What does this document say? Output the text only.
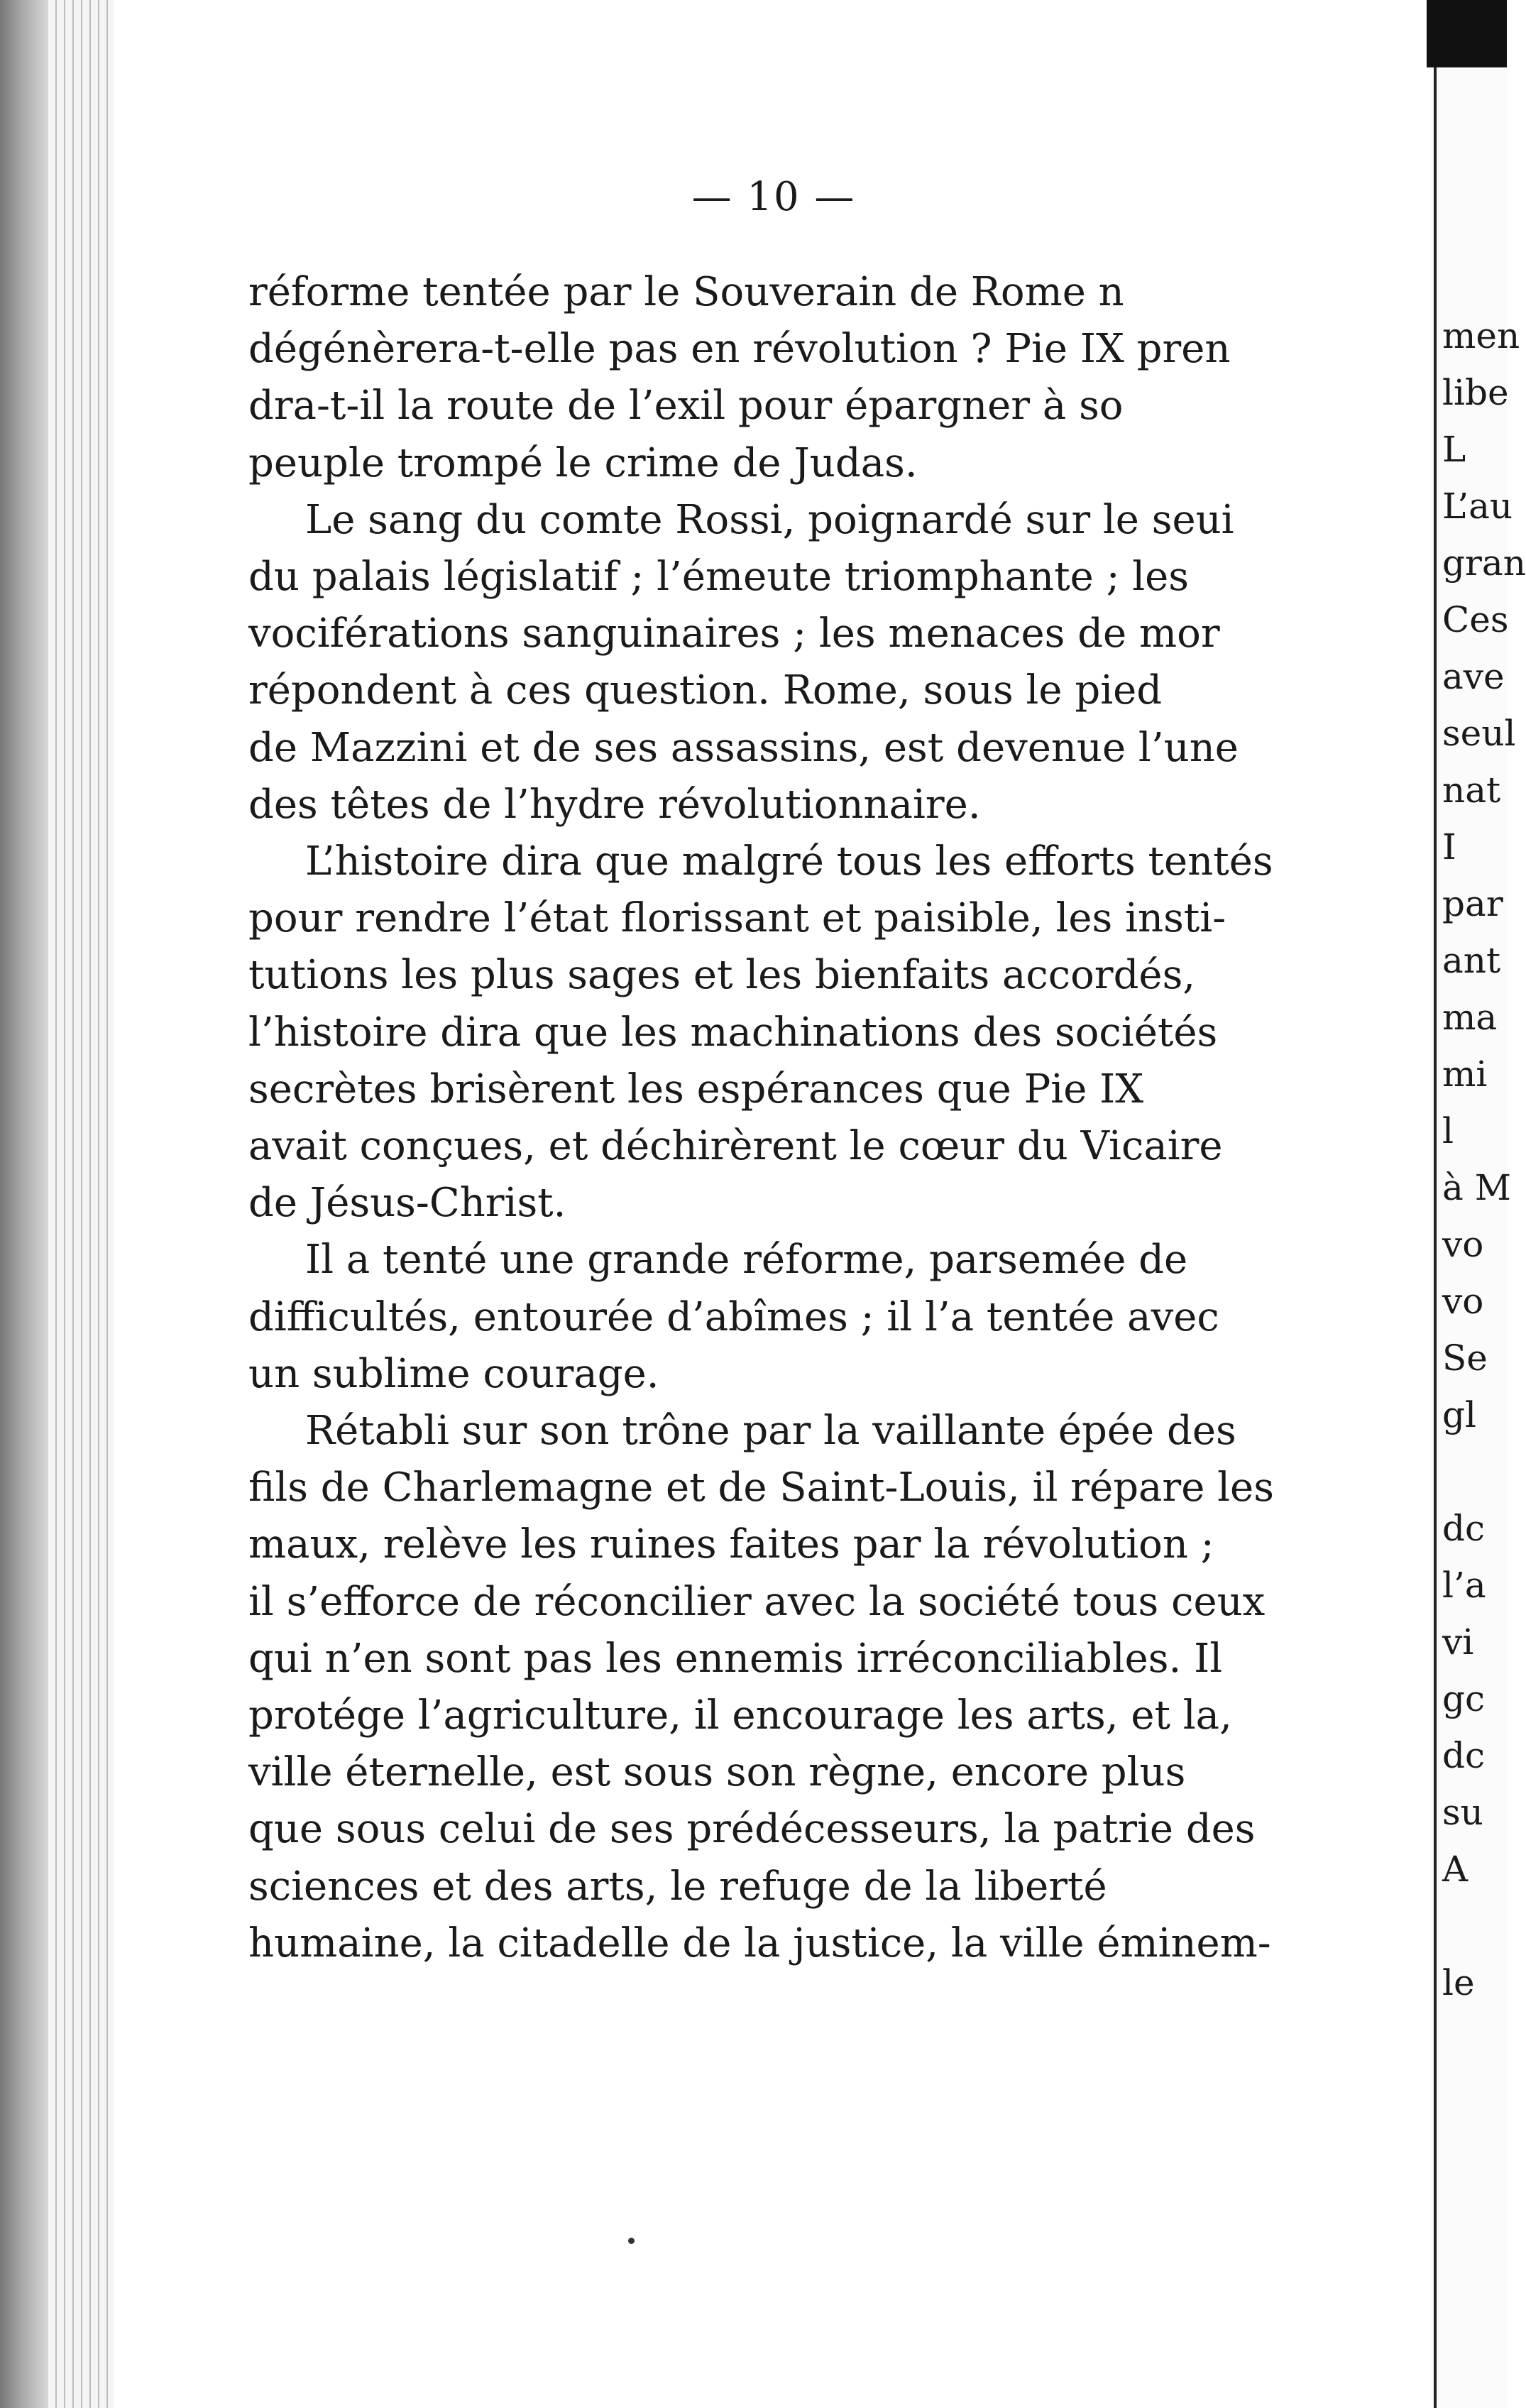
— 10 —
réforme tentée par le Souverain de Rome n
dégénèrera-t-elle pas en révolution ? Pie IX pren
dra-t-il la route de l’exil pour épargner à so
peuple trompé le crime de Judas.
Le sang du comte Rossi, poignardé sur le seui
du palais législatif ; l’émeute triomphante ; les
vociférations sanguinaires ; les menaces de mor
répondent à ces question. Rome, sous le pied
de Mazzini et de ses assassins, est devenue l’une
des têtes de l’hydre révolutionnaire.
L’histoire dira que malgré tous les efforts tentés
pour rendre l’état florissant et paisible, les insti-
tutions les plus sages et les bienfaits accordés,
l’histoire dira que les machinations des sociétés
secrètes brisèrent les espérances que Pie IX
avait conçues, et déchirèrent le cœur du Vicaire
de Jésus-Christ.
Il a tenté une grande réforme, parsemée de
difficultés, entourée d’abîmes ; il l’a tentée avec
un sublime courage.
Rétabli sur son trône par la vaillante épée des
fils de Charlemagne et de Saint-Louis, il répare les
maux, relève les ruines faites par la révolution ;
il s’efforce de réconcilier avec la société tous ceux
qui n’en sont pas les ennemis irréconciliables. Il
protége l’agriculture, il encourage les arts, et la,
ville éternelle, est sous son règne, encore plus
que sous celui de ses prédécesseurs, la patrie des
sciences et des arts, le refuge de la liberté
humaine, la citadelle de la justice, la ville éminem-
men
libe
L
L’au
gran
Ces
ave
seul
nat
I
par
ant
ma
mi
l
à M
vo
vo
Se
gl
dc
l’a
vi
gc
dc
su
A
le
